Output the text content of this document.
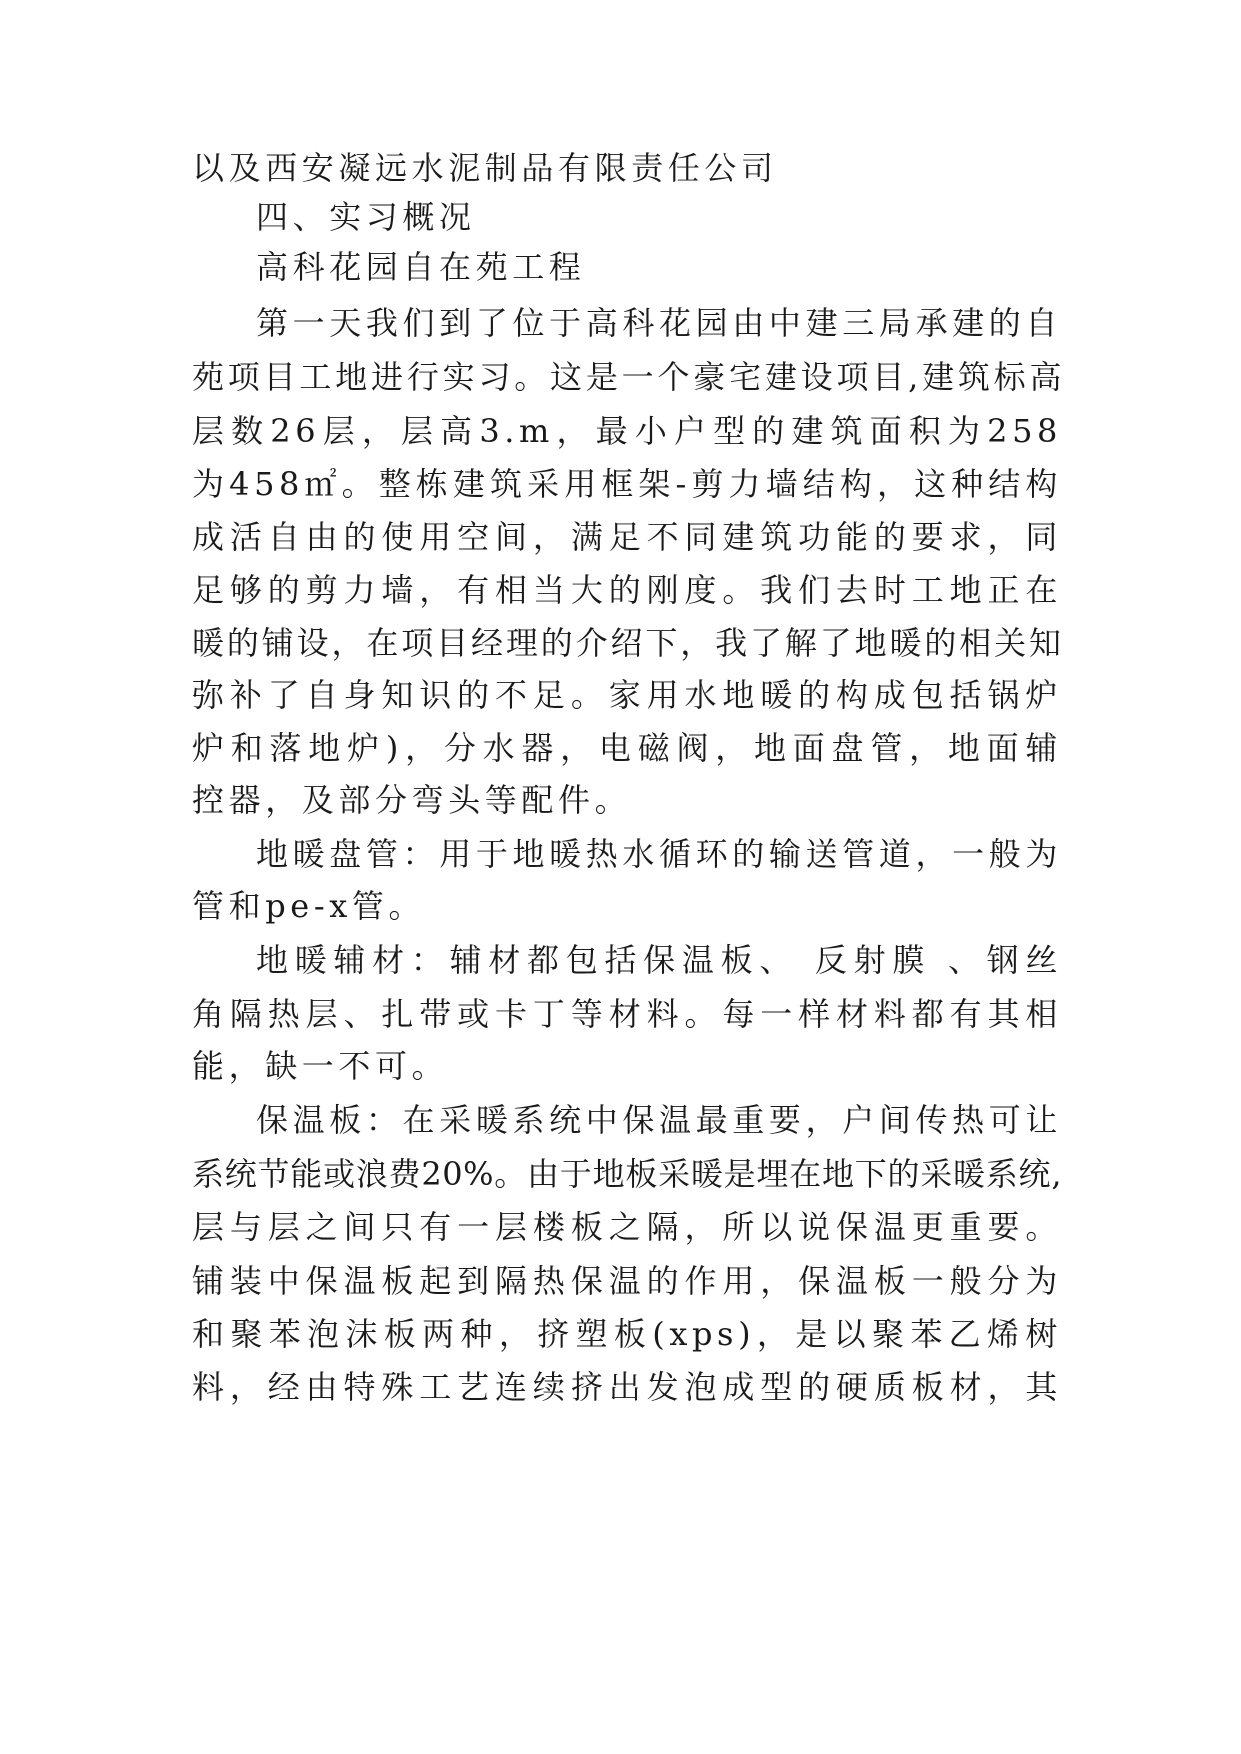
以及西安凝远水泥制品有限责任公司
四、实习概况
高科花园自在苑工程
第一天我们到了位于高科花园由中建三局承建的自
苑项目工地进行实习。这是一个豪宅建设项目,建筑标高
层数26层，层高3.m，最小户型的建筑面积为258
为458㎡。整栋建筑采用框架-剪力墙结构，这种结构
成活自由的使用空间，满足不同建筑功能的要求，同
足够的剪力墙，有相当大的刚度。我们去时工地正在
暖的铺设，在项目经理的介绍下，我了解了地暖的相关知
弥补了自身知识的不足。家用水地暖的构成包括锅炉
炉和落地炉)，分水器，电磁阀，地面盘管，地面辅
控器，及部分弯头等配件。
地暖盘管：用于地暖热水循环的输送管道，一般为
管和pe-x管。
地暖辅材：辅材都包括保温板、 反射膜 、钢丝
角隔热层、扎带或卡丁等材料。每一样材料都有其相
能，缺一不可。
保温板：在采暖系统中保温最重要，户间传热可让
系统节能或浪费20%。由于地板采暖是埋在地下的采暖系统,
层与层之间只有一层楼板之隔，所以说保温更重要。
铺装中保温板起到隔热保温的作用，保温板一般分为
和聚苯泡沫板两种，挤塑板(xps)，是以聚苯乙烯树
料，经由特殊工艺连续挤出发泡成型的硬质板材，其
